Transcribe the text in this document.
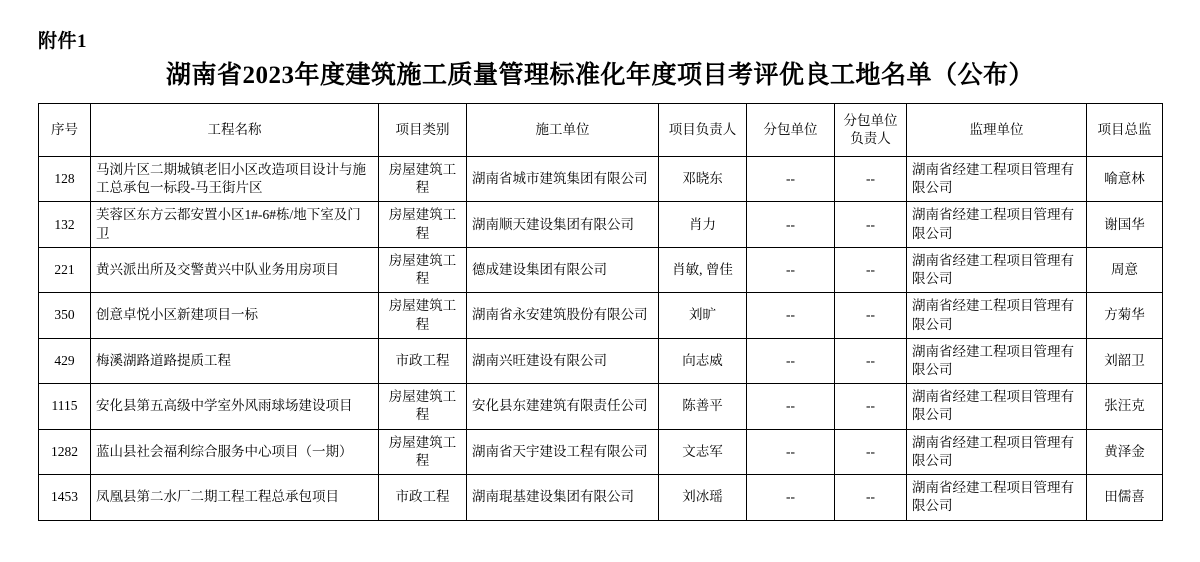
附件1
湖南省2023年度建筑施工质量管理标准化年度项目考评优良工地名单（公布）
序号	工程名称	项目类别	施工单位	项目负责人	分包单位	分包单位负责人	监理单位	项目总监
128	马浏片区二期城镇老旧小区改造项目设计与施工总承包一标段-马王街片区	房屋建筑工程	湖南省城市建筑集团有限公司	邓晓东	--	--	湖南省经建工程项目管理有限公司	喻意林
132	芙蓉区东方云都安置小区1#-6#栋/地下室及门卫	房屋建筑工程	湖南顺天建设集团有限公司	肖力	--	--	湖南省经建工程项目管理有限公司	谢国华
221	黄兴派出所及交警黄兴中队业务用房项目	房屋建筑工程	德成建设集团有限公司	肖敏, 曾佳	--	--	湖南省经建工程项目管理有限公司	周意
350	创意卓悦小区新建项目一标	房屋建筑工程	湖南省永安建筑股份有限公司	刘旷	--	--	湖南省经建工程项目管理有限公司	方菊华
429	梅溪湖路道路提质工程	市政工程	湖南兴旺建设有限公司	向志威	--	--	湖南省经建工程项目管理有限公司	刘韶卫
1115	安化县第五高级中学室外风雨球场建设项目	房屋建筑工程	安化县东建建筑有限责任公司	陈善平	--	--	湖南省经建工程项目管理有限公司	张汪克
1282	蓝山县社会福利综合服务中心项目（一期）	房屋建筑工程	湖南省天宇建设工程有限公司	文志军	--	--	湖南省经建工程项目管理有限公司	黄泽金
1453	凤凰县第二水厂二期工程工程总承包项目	市政工程	湖南琨基建设集团有限公司	刘冰瑶	--	--	湖南省经建工程项目管理有限公司	田儒喜
